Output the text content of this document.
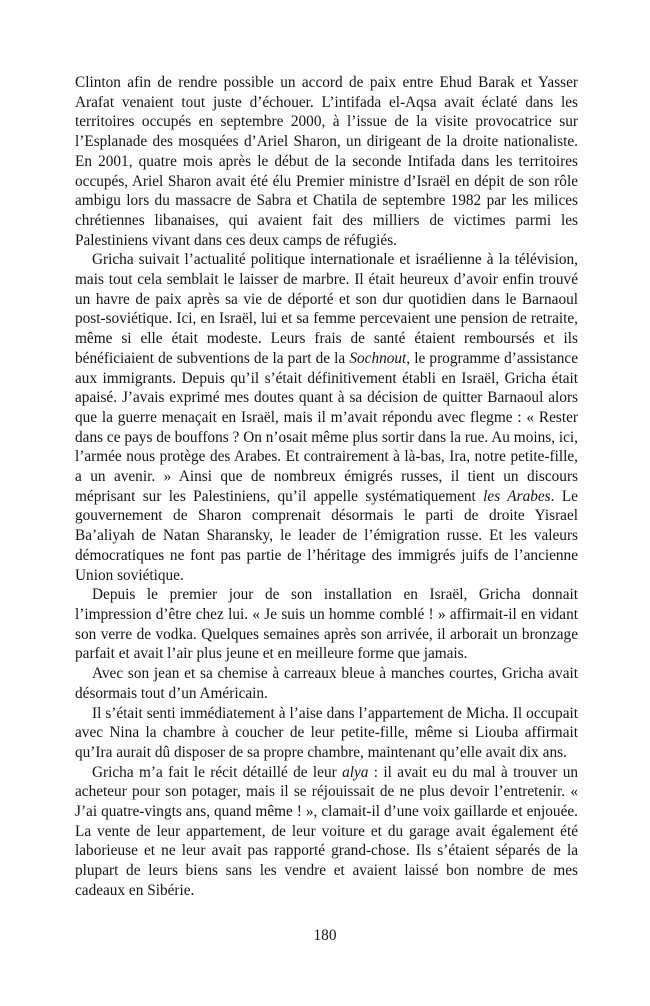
Clinton afin de rendre possible un accord de paix entre Ehud Barak et Yasser Arafat venaient tout juste d’échouer. L’intifada el-Aqsa avait éclaté dans les territoires occupés en septembre 2000, à l’issue de la visite provocatrice sur l’Esplanade des mosquées d’Ariel Sharon, un dirigeant de la droite nationaliste. En 2001, quatre mois après le début de la seconde Intifada dans les territoires occupés, Ariel Sharon avait été élu Premier ministre d’Israël en dépit de son rôle ambigu lors du massacre de Sabra et Chatila de septembre 1982 par les milices chrétiennes libanaises, qui avaient fait des milliers de victimes parmi les Palestiniens vivant dans ces deux camps de réfugiés.

Gricha suivait l’actualité politique internationale et israélienne à la télévision, mais tout cela semblait le laisser de marbre. Il était heureux d’avoir enfin trouvé un havre de paix après sa vie de déporté et son dur quotidien dans le Barnaoul post-soviétique. Ici, en Israël, lui et sa femme percevaient une pension de retraite, même si elle était modeste. Leurs frais de santé étaient remboursés et ils bénéficiaient de subventions de la part de la Sochnout, le programme d’assistance aux immigrants. Depuis qu’il s’était définitivement établi en Israël, Gricha était apaisé. J’avais exprimé mes doutes quant à sa décision de quitter Barnaoul alors que la guerre menaçait en Israël, mais il m’avait répondu avec flegme : « Rester dans ce pays de bouffons ? On n’osait même plus sortir dans la rue. Au moins, ici, l’armée nous protège des Arabes. Et contrairement à là-bas, Ira, notre petite-fille, a un avenir. » Ainsi que de nombreux émigrés russes, il tient un discours méprisant sur les Palestiniens, qu’il appelle systématiquement les Arabes. Le gouvernement de Sharon comprenait désormais le parti de droite Yisrael Ba’aliyah de Natan Sharansky, le leader de l’émigration russe. Et les valeurs démocratiques ne font pas partie de l’héritage des immigrés juifs de l’ancienne Union soviétique.

Depuis le premier jour de son installation en Israël, Gricha donnait l’impression d’être chez lui. « Je suis un homme comblé ! » affirmait-il en vidant son verre de vodka. Quelques semaines après son arrivée, il arborait un bronzage parfait et avait l’air plus jeune et en meilleure forme que jamais.

Avec son jean et sa chemise à carreaux bleue à manches courtes, Gricha avait désormais tout d’un Américain.

Il s’était senti immédiatement à l’aise dans l’appartement de Micha. Il occupait avec Nina la chambre à coucher de leur petite-fille, même si Liouba affirmait qu’Ira aurait dû disposer de sa propre chambre, maintenant qu’elle avait dix ans.

Gricha m’a fait le récit détaillé de leur alya : il avait eu du mal à trouver un acheteur pour son potager, mais il se réjouissait de ne plus devoir l’entretenir. « J’ai quatre-vingts ans, quand même ! », clamait-il d’une voix gaillarde et enjouée. La vente de leur appartement, de leur voiture et du garage avait également été laborieuse et ne leur avait pas rapporté grand-chose. Ils s’étaient séparés de la plupart de leurs biens sans les vendre et avaient laissé bon nombre de mes cadeaux en Sibérie.

180
